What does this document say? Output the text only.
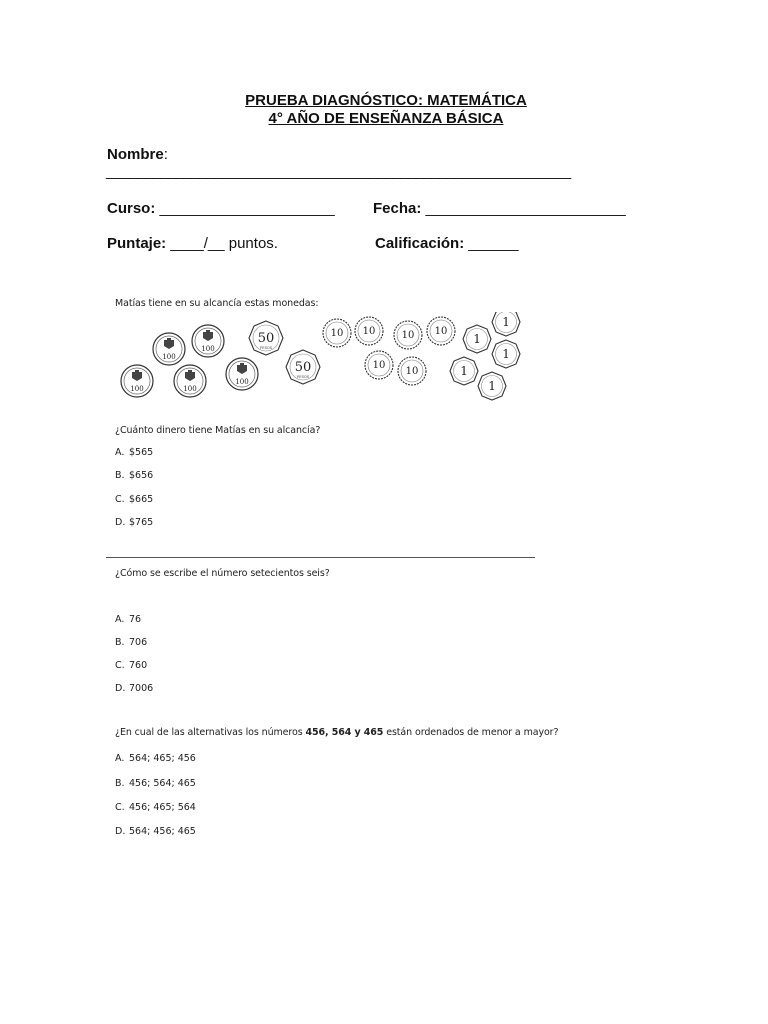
PRUEBA DIAGNÓSTICO: MATEMÁTICA
4° AÑO DE ENSEÑANZA BÁSICA
Nombre:
____________________________________________________________
Curso: _____________________	Fecha: ________________________
Puntaje: ____/__ puntos.	Calificación: ______
Matías tiene en su alcancía estas monedas:
100
100
100	100
100
50
PESOS
50
PESOS
10 10	10 10
10
10
1
1
1
1
1
¿Cuánto dinero tiene Matías en su alcancía?
A. $565
B. $656
C. $665
D. $765
¿Cómo se escribe el número setecientos seis?
A. 76
B. 706
C. 760
D. 7006
¿En cual de las alternativas los números 456, 564 y 465 están ordenados de menor a mayor?
A. 564; 465; 456
B. 456; 564; 465
C. 456; 465; 564
D. 564; 456; 465
